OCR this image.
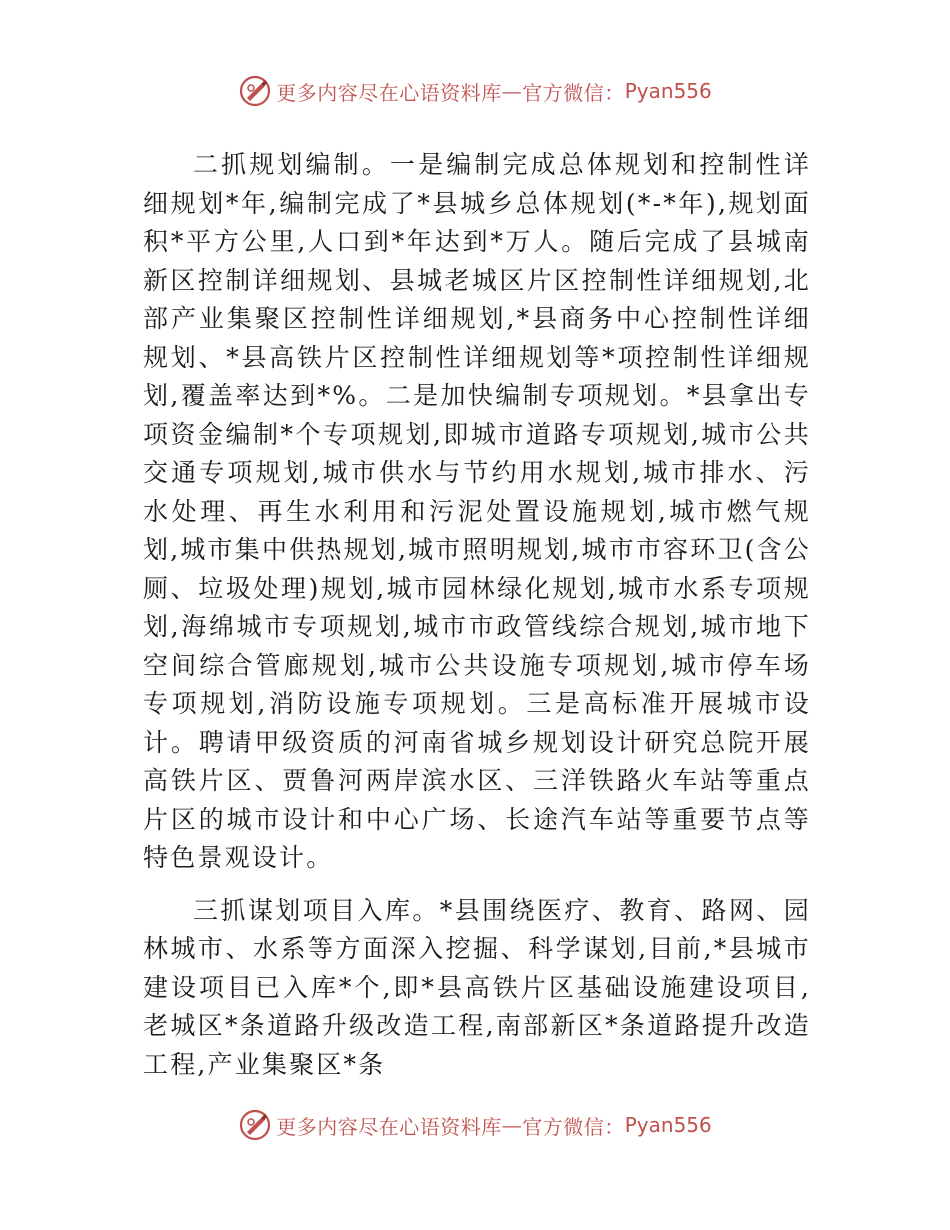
更多内容尽在心语资料库 — 官方微信： Pyan556

二抓规划编制。一是编制完成总体规划和控制性详细规划*年,编制完成了*县城乡总体规划(*-*年),规划面积*平方公里,人口到*年达到*万人。随后完成了县城南新区控制详细规划、县城老城区片区控制性详细规划,北部产业集聚区控制性详细规划,*县商务中心控制性详细规划、*县高铁片区控制性详细规划等*项控制性详细规划,覆盖率达到*%。二是加快编制专项规划。*县拿出专项资金编制*个专项规划,即城市道路专项规划,城市公共交通专项规划,城市供水与节约用水规划,城市排水、污水处理、再生水利用和污泥处置设施规划,城市燃气规划,城市集中供热规划,城市照明规划,城市市容环卫(含公厕、垃圾处理)规划,城市园林绿化规划,城市水系专项规划,海绵城市专项规划,城市市政管线综合规划,城市地下空间综合管廊规划,城市公共设施专项规划,城市停车场专项规划,消防设施专项规划。三是高标准开展城市设计。聘请甲级资质的河南省城乡规划设计研究总院开展高铁片区、贾鲁河两岸滨水区、三洋铁路火车站等重点片区的城市设计和中心广场、长途汽车站等重要节点等特色景观设计。

三抓谋划项目入库。*县围绕医疗、教育、路网、园林城市、水系等方面深入挖掘、科学谋划,目前,*县城市建设项目已入库*个,即*县高铁片区基础设施建设项目,老城区*条道路升级改造工程,南部新区*条道路提升改造工程,产业集聚区*条

更多内容尽在心语资料库 — 官方微信： Pyan556
